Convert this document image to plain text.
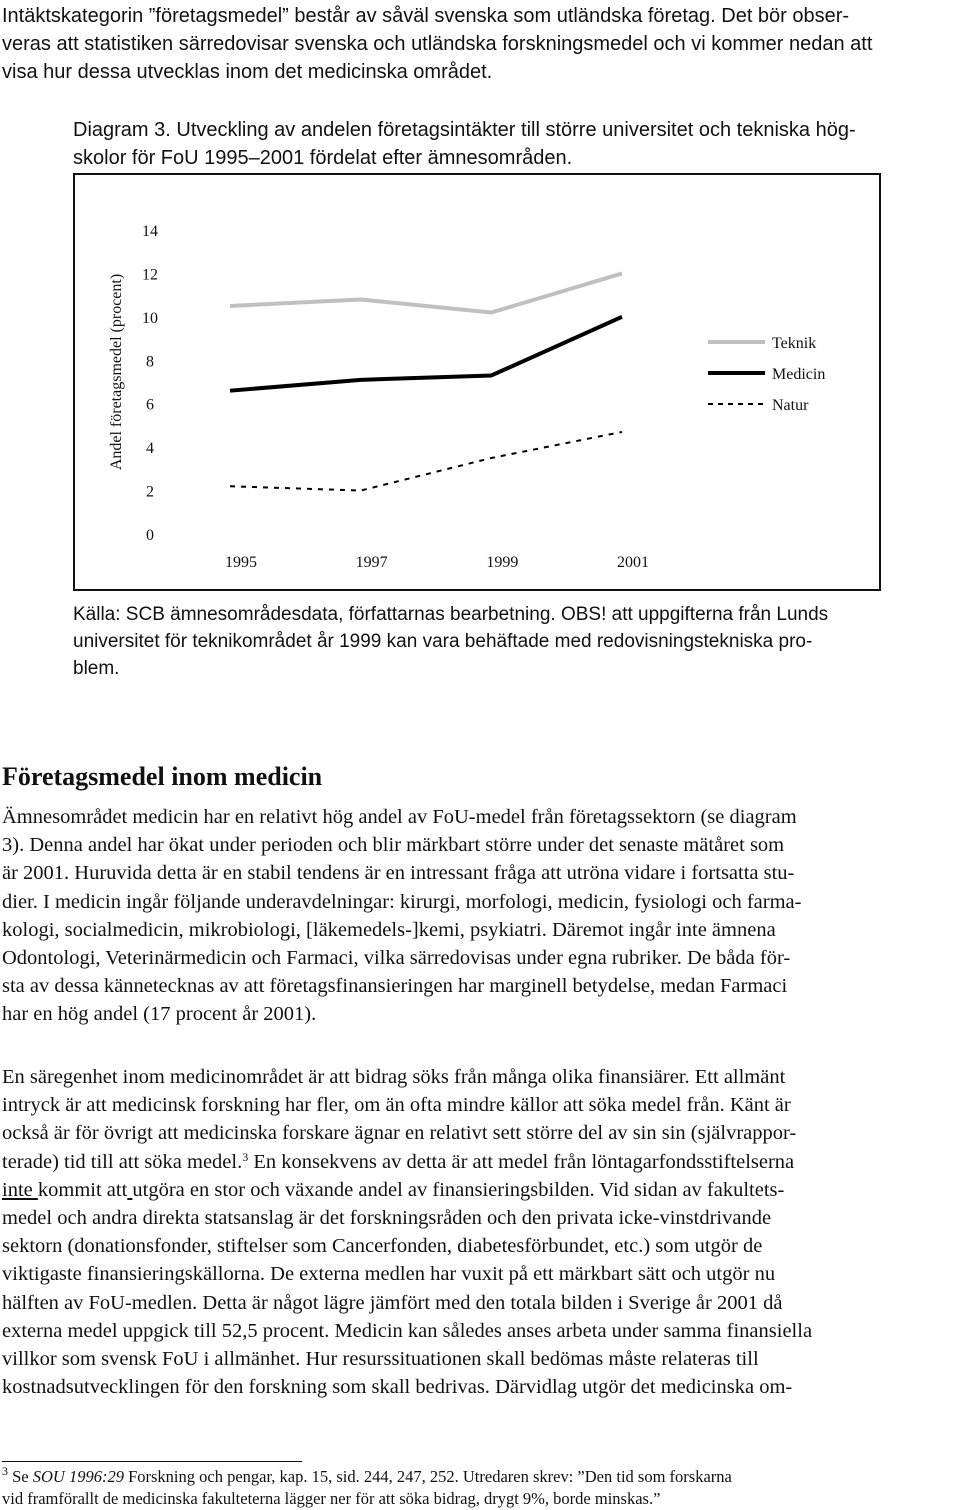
Intäktskategorin ”företagsmedel” består av såväl svenska som utländska företag. Det bör obser-
veras att statistiken särredovisar svenska och utländska forskningsmedel och vi kommer nedan att
visa hur dessa utvecklas inom det medicinska området.
Diagram 3. Utveckling av andelen företagsintäkter till större universitet och tekniska hög-
skolor för FoU 1995–2001 fördelat efter ämnesområden.
0
2
4
6
8
10
12
14
1995	1997	1999	2001
Andel företagsmedel (procent)	Teknik
Medicin
Natur
Källa: SCB ämnesområdesdata, författarnas bearbetning. OBS! att uppgifterna från Lunds
universitet för teknikområdet år 1999 kan vara behäftade med redovisningstekniska pro-
blem.
Företagsmedel inom medicin
Ämnesområdet medicin har en relativt hög andel av FoU-medel från företagssektorn (se diagram
3). Denna andel har ökat under perioden och blir märkbart större under det senaste mätåret som
är 2001. Huruvida detta är en stabil tendens är en intressant fråga att utröna vidare i fortsatta stu-
dier. I medicin ingår följande underavdelningar: kirurgi, morfologi, medicin, fysiologi och farma-
kologi, socialmedicin, mikrobiologi, [läkemedels-]kemi, psykiatri. Däremot ingår inte ämnena
Odontologi, Veterinärmedicin och Farmaci, vilka särredovisas under egna rubriker. De båda för-
sta av dessa kännetecknas av att företagsfinansieringen har marginell betydelse, medan Farmaci
har en hög andel (17 procent år 2001).
En säregenhet inom medicinområdet är att bidrag söks från många olika finansiärer. Ett allmänt
intryck är att medicinsk forskning har fler, om än ofta mindre källor att söka medel från. Känt är
också är för övrigt att medicinska forskare ägnar en relativt sett större del av sin sin (självrappor-
terade) tid till att söka medel.$^3$ En konsekvens av detta är att medel från löntagarfondsstiftelserna
inte kommit att utgöra en stor och växande andel av finansieringsbilden. Vid sidan av fakultets-
medel och andra direkta statsanslag är det forskningsråden och den privata icke-vinstdrivande
sektorn (donationsfonder, stiftelser som Cancerfonden, diabetesförbundet, etc.) som utgör de
viktigaste finansieringskällorna. De externa medlen har vuxit på ett märkbart sätt och utgör nu
hälften av FoU-medlen. Detta är något lägre jämfört med den totala bilden i Sverige år 2001 då
externa medel uppgick till 52,5 procent. Medicin kan således anses arbeta under samma finansiella
villkor som svensk FoU i allmänhet. Hur resurssituationen skall bedömas måste relateras till
kostnadsutvecklingen för den forskning som skall bedrivas. Därvidlag utgör det medicinska om-
$^3$ Se SOU 1996:29 Forskning och pengar, kap. 15, sid. 244, 247, 252. Utredaren skrev: ”Den tid som forskarna
vid framförallt de medicinska fakulteterna lägger ner för att söka bidrag, drygt 9%, borde minskas.”
